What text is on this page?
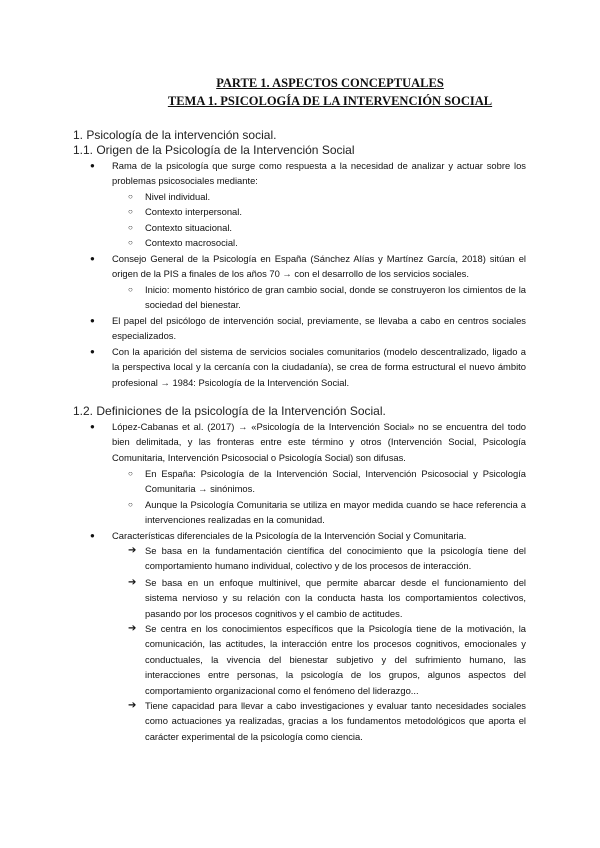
PARTE 1. ASPECTOS CONCEPTUALES
TEMA 1. PSICOLOGÍA DE LA INTERVENCIÓN SOCIAL
1. Psicología de la intervención social.
1.1. Origen de la Psicología de la Intervención Social
● Rama de la psicología que surge como respuesta a la necesidad de analizar y actuar sobre los problemas psicosociales mediante:
○ Nivel individual.
○ Contexto interpersonal.
○ Contexto situacional.
○ Contexto macrosocial.
● Consejo General de la Psicología en España (Sánchez Alías y Martínez García, 2018) sitúan el origen de la PIS a finales de los años 70 → con el desarrollo de los servicios sociales.
○ Inicio: momento histórico de gran cambio social, donde se construyeron los cimientos de la sociedad del bienestar.
● El papel del psicólogo de intervención social, previamente, se llevaba a cabo en centros sociales especializados.
● Con la aparición del sistema de servicios sociales comunitarios (modelo descentralizado, ligado a la perspectiva local y la cercanía con la ciudadanía), se crea de forma estructural el nuevo ámbito profesional → 1984: Psicología de la Intervención Social.
1.2. Definiciones de la psicología de la Intervención Social.
● López-Cabanas et al. (2017) → «Psicología de la Intervención Social» no se encuentra del todo bien delimitada, y las fronteras entre este término y otros (Intervención Social, Psicología Comunitaria, Intervención Psicosocial o Psicología Social) son difusas.
○ En España: Psicología de la Intervención Social, Intervención Psicosocial y Psicología Comunitaria → sinónimos.
○ Aunque la Psicología Comunitaria se utiliza en mayor medida cuando se hace referencia a intervenciones realizadas en la comunidad.
● Características diferenciales de la Psicología de la Intervención Social y Comunitaria.
➔ Se basa en la fundamentación científica del conocimiento que la psicología tiene del comportamiento humano individual, colectivo y de los procesos de interacción.
➔ Se basa en un enfoque multinivel, que permite abarcar desde el funcionamiento del sistema nervioso y su relación con la conducta hasta los comportamientos colectivos, pasando por los procesos cognitivos y el cambio de actitudes.
➔ Se centra en los conocimientos específicos que la Psicología tiene de la motivación, la comunicación, las actitudes, la interacción entre los procesos cognitivos, emocionales y conductuales, la vivencia del bienestar subjetivo y del sufrimiento humano, las interacciones entre personas, la psicología de los grupos, algunos aspectos del comportamiento organizacional como el fenómeno del liderazgo...
➔ Tiene capacidad para llevar a cabo investigaciones y evaluar tanto necesidades sociales como actuaciones ya realizadas, gracias a los fundamentos metodológicos que aporta el carácter experimental de la psicología como ciencia.
